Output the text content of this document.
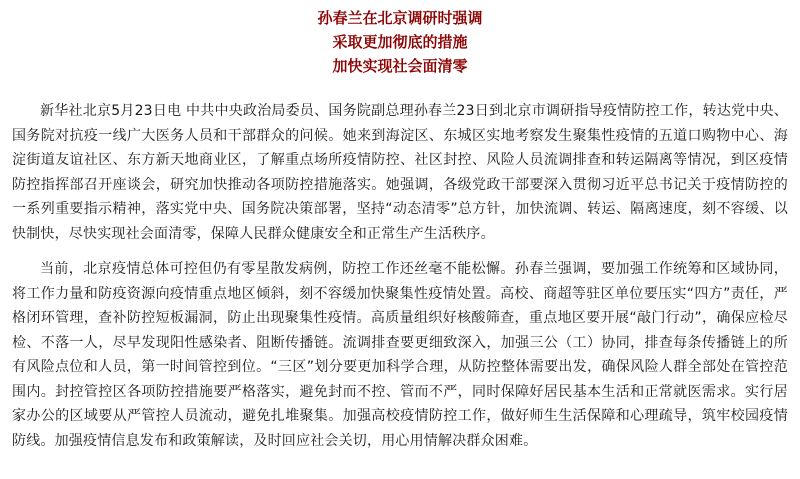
孙春兰在北京调研时强调
采取更加彻底的措施
加快实现社会面清零

新华社北京5月23日电 中共中央政治局委员、国务院副总理孙春兰23日到北京市调研指导疫情防控工作，转达党中央、国务院对抗疫一线广大医务人员和干部群众的问候。她来到海淀区、东城区实地考察发生聚集性疫情的五道口购物中心、海淀街道友谊社区、东方新天地商业区，了解重点场所疫情防控、社区封控、风险人员流调排查和转运隔离等情况，到区疫情防控指挥部召开座谈会，研究加快推动各项防控措施落实。她强调，各级党政干部要深入贯彻习近平总书记关于疫情防控的一系列重要指示精神，落实党中央、国务院决策部署，坚持“动态清零”总方针，加快流调、转运、隔离速度，刻不容缓、以快制快，尽快实现社会面清零，保障人民群众健康安全和正常生产生活秩序。

当前，北京疫情总体可控但仍有零星散发病例，防控工作还丝毫不能松懈。孙春兰强调，要加强工作统筹和区域协同，将工作力量和防疫资源向疫情重点地区倾斜，刻不容缓加快聚集性疫情处置。高校、商超等驻区单位要压实“四方”责任，严格闭环管理，查补防控短板漏洞，防止出现聚集性疫情。高质量组织好核酸筛查，重点地区要开展“敲门行动”，确保应检尽检、不落一人，尽早发现阳性感染者、阻断传播链。流调排查要更细致深入，加强三公（工）协同，排查每条传播链上的所有风险点位和人员，第一时间管控到位。“三区”划分要更加科学合理，从防控整体需要出发，确保风险人群全部处在管控范围内。封控管控区各项防控措施要严格落实，避免封而不控、管而不严，同时保障好居民基本生活和正常就医需求。实行居家办公的区域要从严管控人员流动，避免扎堆聚集。加强高校疫情防控工作，做好师生生活保障和心理疏导，筑牢校园疫情防线。加强疫情信息发布和政策解读，及时回应社会关切，用心用情解决群众困难。
